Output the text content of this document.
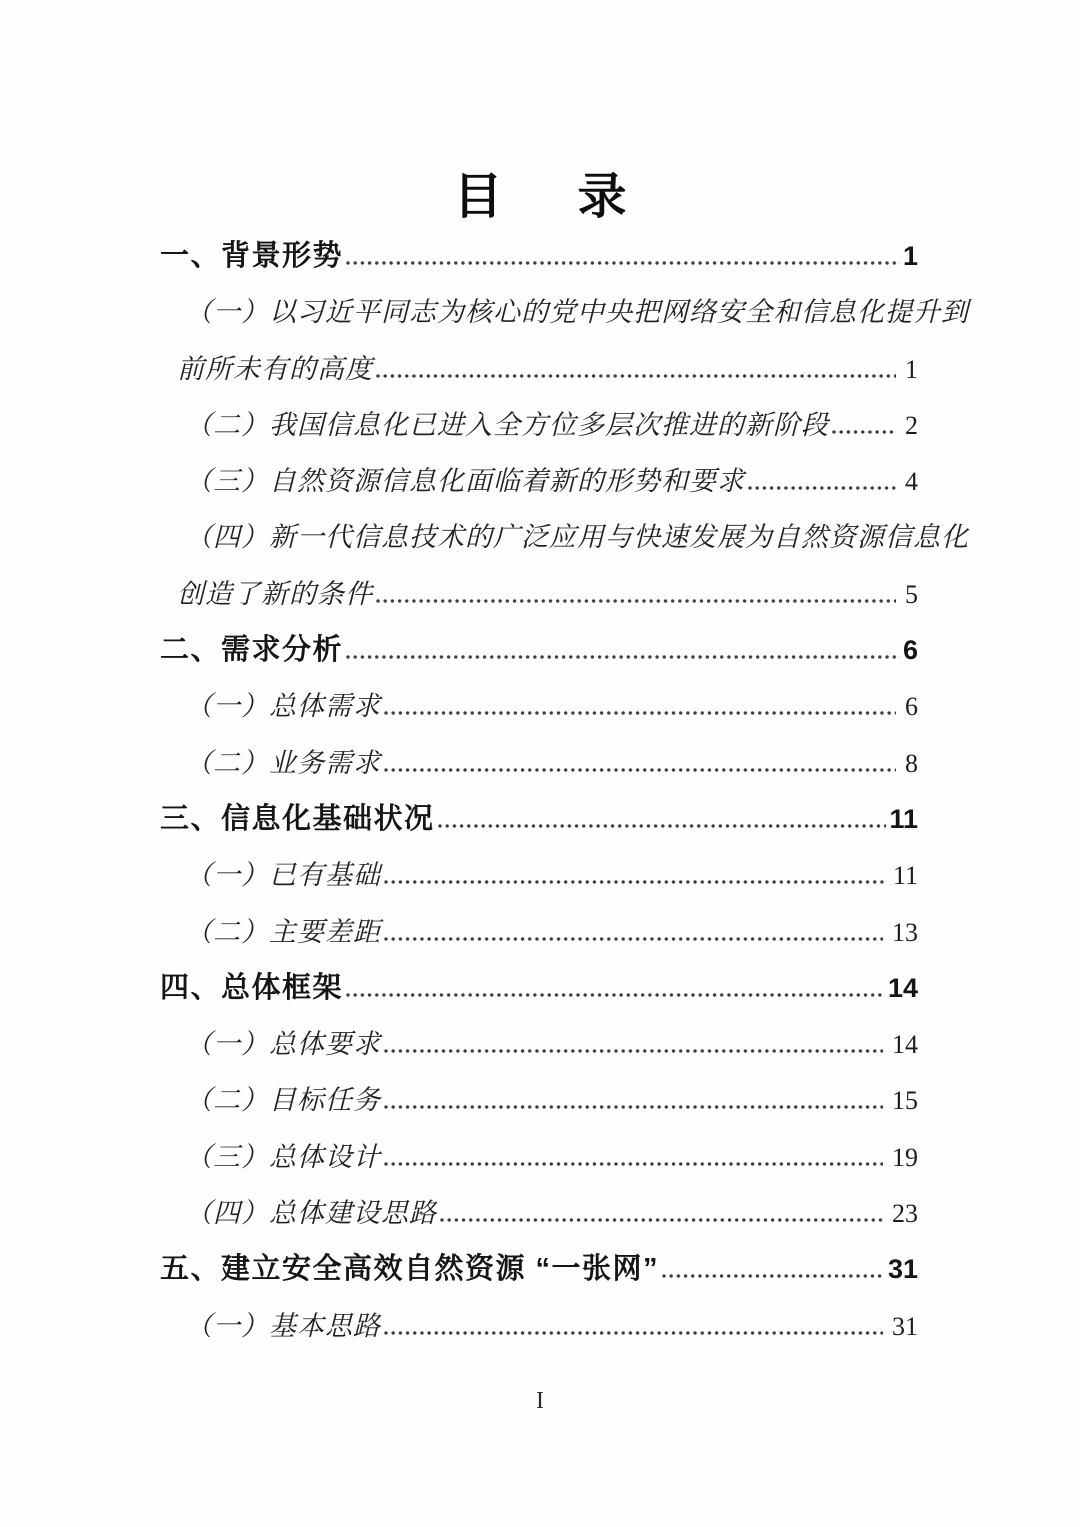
目　录
一、背景形势	1
（一）以习近平同志为核心的党中央把网络安全和信息化提升到
前所未有的高度	1
（二）我国信息化已进入全方位多层次推进的新阶段	2
（三）自然资源信息化面临着新的形势和要求	4
（四）新一代信息技术的广泛应用与快速发展为自然资源信息化
创造了新的条件	5
二、需求分析	6
（一）总体需求	6
（二）业务需求	8
三、信息化基础状况	11
（一）已有基础	11
（二）主要差距	13
四、总体框架	14
（一）总体要求	14
（二）目标任务	15
（三）总体设计	19
（四）总体建设思路	23
五、建立安全高效自然资源 “一张网”	31
（一）基本思路	31
I
